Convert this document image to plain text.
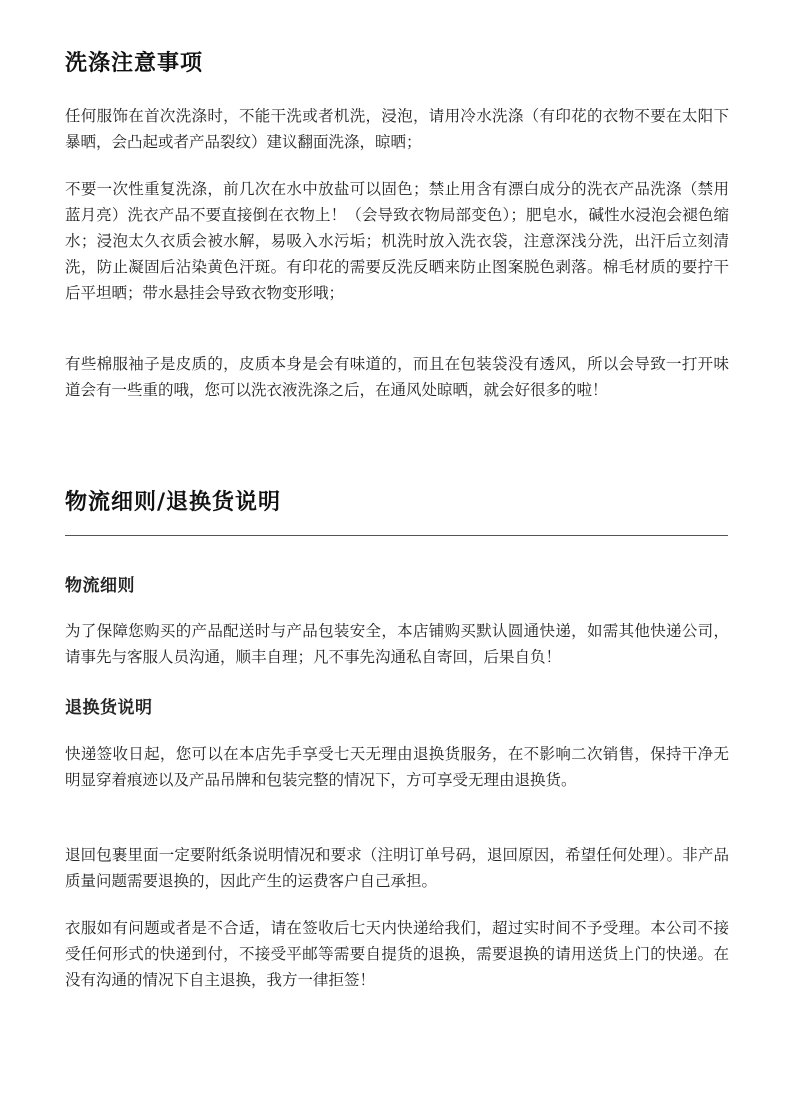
洗涤注意事项

任何服饰在首次洗涤时，不能干洗或者机洗，浸泡，请用冷水洗涤（有印花的衣物不要在太阳下暴晒，会凸起或者产品裂纹）建议翻面洗涤，晾晒；

不要一次性重复洗涤，前几次在水中放盐可以固色；禁止用含有漂白成分的洗衣产品洗涤（禁用蓝月亮）洗衣产品不要直接倒在衣物上！（会导致衣物局部变色）；肥皂水，碱性水浸泡会褪色缩水；浸泡太久衣质会被水解，易吸入水污垢；机洗时放入洗衣袋，注意深浅分洗，出汗后立刻清洗，防止凝固后沾染黄色汗斑。有印花的需要反洗反晒来防止图案脱色剥落。棉毛材质的要拧干后平坦晒；带水悬挂会导致衣物变形哦；

有些棉服袖子是皮质的，皮质本身是会有味道的，而且在包装袋没有透风，所以会导致一打开味道会有一些重的哦，您可以洗衣液洗涤之后，在通风处晾晒，就会好很多的啦！

物流细则/退换货说明
物流细则

为了保障您购买的产品配送时与产品包装安全，本店铺购买默认圆通快递，如需其他快递公司，请事先与客服人员沟通，顺丰自理；凡不事先沟通私自寄回，后果自负！

退换货说明

快递签收日起，您可以在本店先手享受七天无理由退换货服务，在不影响二次销售，保持干净无明显穿着痕迹以及产品吊牌和包装完整的情况下，方可享受无理由退换货。

退回包裹里面一定要附纸条说明情况和要求（注明订单号码，退回原因，希望任何处理）。非产品质量问题需要退换的，因此产生的运费客户自己承担。

衣服如有问题或者是不合适，请在签收后七天内快递给我们，超过实时间不予受理。本公司不接受任何形式的快递到付，不接受平邮等需要自提货的退换，需要退换的请用送货上门的快递。在没有沟通的情况下自主退换，我方一律拒签！
